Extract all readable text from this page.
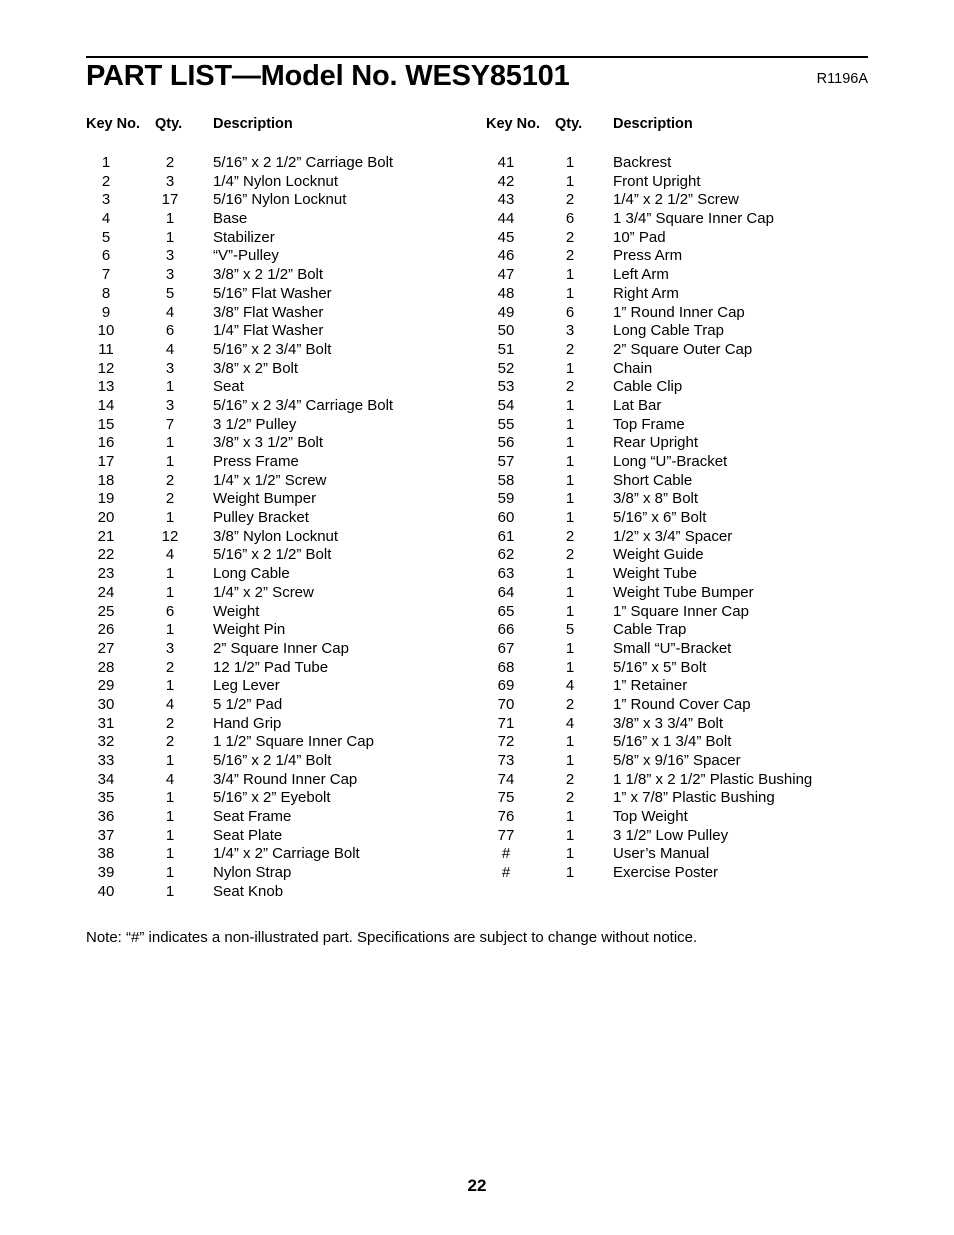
PART LIST—Model No. WESY85101	R1196A
Key No. Qty. Description
1	2	5/16” x 2 1/2” Carriage Bolt
2	3	1/4” Nylon Locknut
3	17	5/16” Nylon Locknut
4	1	Base
5	1	Stabilizer
6	3	“V”-Pulley
7	3	3/8” x 2 1/2” Bolt
8	5	5/16” Flat Washer
9	4	3/8” Flat Washer
10	6	1/4” Flat Washer
11	4	5/16” x 2 3/4” Bolt
12	3	3/8” x 2” Bolt
13	1	Seat
14	3	5/16” x 2 3/4” Carriage Bolt
15	7	3 1/2” Pulley
16	1	3/8” x 3 1/2” Bolt
17	1	Press Frame
18	2	1/4” x 1/2” Screw
19	2	Weight Bumper
20	1	Pulley Bracket
21	12	3/8” Nylon Locknut
22	4	5/16” x 2 1/2” Bolt
23	1	Long Cable
24	1	1/4” x 2” Screw
25	6	Weight
26	1	Weight Pin
27	3	2” Square Inner Cap
28	2	12 1/2” Pad Tube
29	1	Leg Lever
30	4	5 1/2” Pad
31	2	Hand Grip
32	2	1 1/2” Square Inner Cap
33	1	5/16” x 2 1/4” Bolt
34	4	3/4” Round Inner Cap
35	1	5/16” x 2” Eyebolt
36	1	Seat Frame
37	1	Seat Plate
38	1	1/4” x 2” Carriage Bolt
39	1	Nylon Strap
40	1	Seat Knob
Key No. Qty. Description
41	1	Backrest
42	1	Front Upright
43	2	1/4” x 2 1/2” Screw
44	6	1 3/4” Square Inner Cap
45	2	10” Pad
46	2	Press Arm
47	1	Left Arm
48	1	Right Arm
49	6	1” Round Inner Cap
50	3	Long Cable Trap
51	2	2” Square Outer Cap
52	1	Chain
53	2	Cable Clip
54	1	Lat Bar
55	1	Top Frame
56	1	Rear Upright
57	1	Long “U”-Bracket
58	1	Short Cable
59	1	3/8” x 8” Bolt
60	1	5/16” x 6” Bolt
61	2	1/2” x 3/4” Spacer
62	2	Weight Guide
63	1	Weight Tube
64	1	Weight Tube Bumper
65	1	1” Square Inner Cap
66	5	Cable Trap
67	1	Small “U”-Bracket
68	1	5/16” x 5” Bolt
69	4	1” Retainer
70	2	1” Round Cover Cap
71	4	3/8” x 3 3/4” Bolt
72	1	5/16” x 1 3/4” Bolt
73	1	5/8” x 9/16” Spacer
74	2	1 1/8” x 2 1/2” Plastic Bushing
75	2	1” x 7/8” Plastic Bushing
76	1	Top Weight
77	1	3 1/2” Low Pulley
#	1	User’s Manual
#	1	Exercise Poster
Note: “#” indicates a non-illustrated part. Specifications are subject to change without notice.
22
